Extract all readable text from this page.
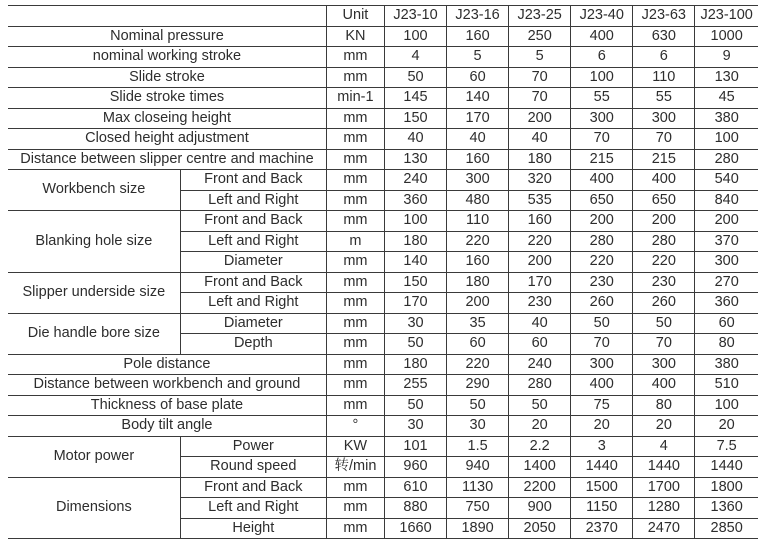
		Unit	J23-10	J23-16	J23-25	J23-40	J23-63	J23-100
Nominal pressure		KN	100	160	250	400	630	1000
nominal working stroke		mm	4	5	5	6	6	9
Slide stroke		mm	50	60	70	100	110	130
Slide stroke times		min-1	145	140	70	55	55	45
Max closeing height		mm	150	170	200	300	300	380
Closed height adjustment		mm	40	40	40	70	70	100
Distance between slipper centre and machine		mm	130	160	180	215	215	280
Workbench size	Front and Back	mm	240	300	320	400	400	540
	Left and Right	mm	360	480	535	650	650	840
Blanking hole size	Front and Back	mm	100	110	160	200	200	200
	Left and Right	m	180	220	220	280	280	370
	Diameter	mm	140	160	200	220	220	300
Slipper underside size	Front and Back	mm	150	180	170	230	230	270
	Left and Right	mm	170	200	230	260	260	360
Die handle bore size	Diameter	mm	30	35	40	50	50	60
	Depth	mm	50	60	60	70	70	80
Pole distance		mm	180	220	240	300	300	380
Distance between workbench and ground		mm	255	290	280	400	400	510
Thickness of base plate		mm	50	50	50	75	80	100
Body tilt angle		°	30	30	20	20	20	20
Motor power	Power	KW	101	1.5	2.2	3	4	7.5
	Round speed	转/min	960	940	1400	1440	1440	1440
Dimensions	Front and Back	mm	610	1130	2200	1500	1700	1800
	Left and Right	mm	880	750	900	1150	1280	1360
	Height	mm	1660	1890	2050	2370	2470	2850
